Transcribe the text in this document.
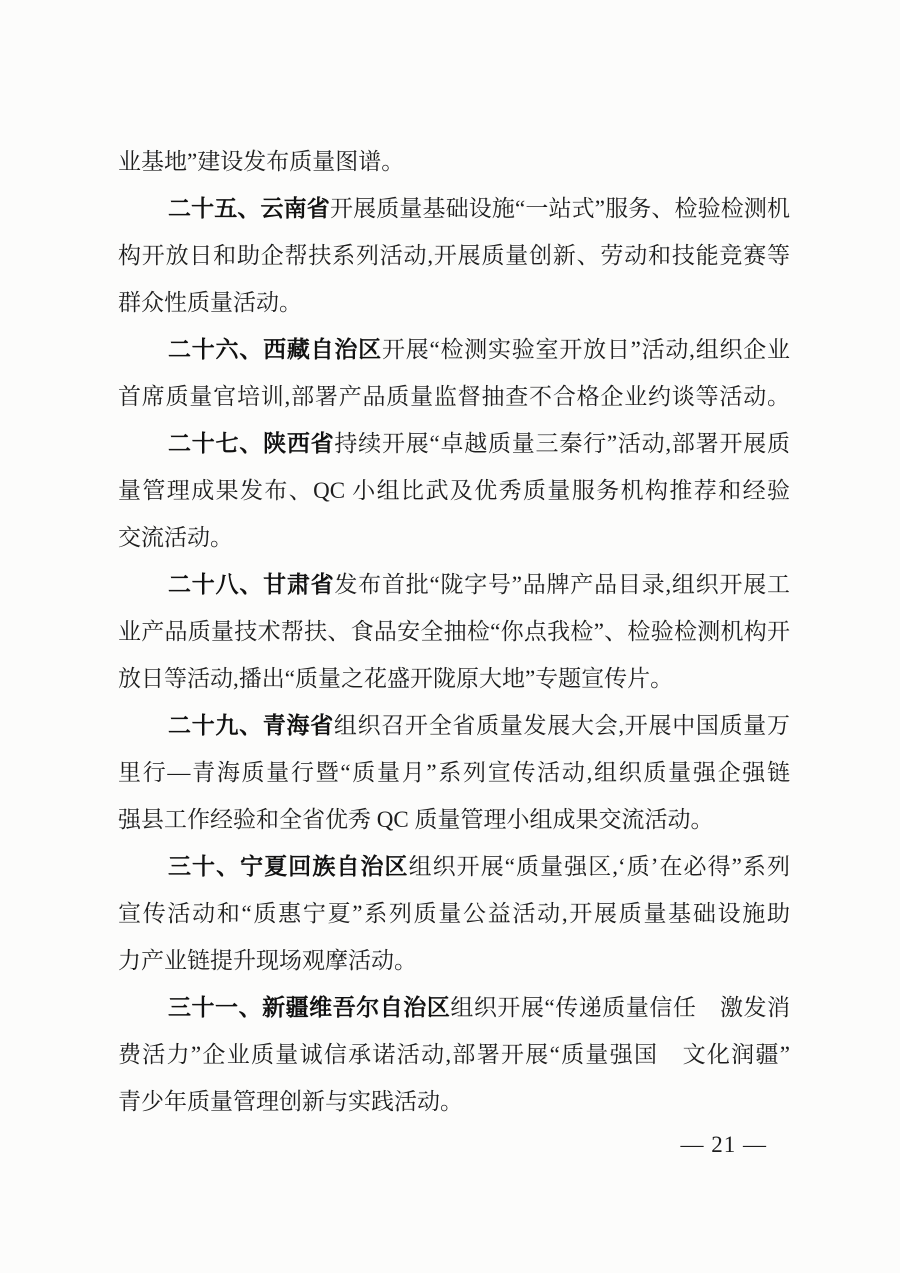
业基地”建设发布质量图谱。
二十五、云南省开展质量基础设施“一站式”服务、检验检测机
构开放日和助企帮扶系列活动,开展质量创新、劳动和技能竞赛等
群众性质量活动。
二十六、西藏自治区开展“检测实验室开放日”活动,组织企业
首席质量官培训,部署产品质量监督抽查不合格企业约谈等活动。
二十七、陕西省持续开展“卓越质量三秦行”活动,部署开展质
量管理成果发布、QC 小组比武及优秀质量服务机构推荐和经验
交流活动。
二十八、甘肃省发布首批“陇字号”品牌产品目录,组织开展工
业产品质量技术帮扶、食品安全抽检“你点我检”、检验检测机构开
放日等活动,播出“质量之花盛开陇原大地”专题宣传片。
二十九、青海省组织召开全省质量发展大会,开展中国质量万
里行—青海质量行暨“质量月”系列宣传活动,组织质量强企强链
强县工作经验和全省优秀 QC 质量管理小组成果交流活动。
三十、宁夏回族自治区组织开展“质量强区,‘质’在必得”系列
宣传活动和“质惠宁夏”系列质量公益活动,开展质量基础设施助
力产业链提升现场观摩活动。
三十一、新疆维吾尔自治区组织开展“传递质量信任　激发消
费活力”企业质量诚信承诺活动,部署开展“质量强国　文化润疆”
青少年质量管理创新与实践活动。
— 21 —
